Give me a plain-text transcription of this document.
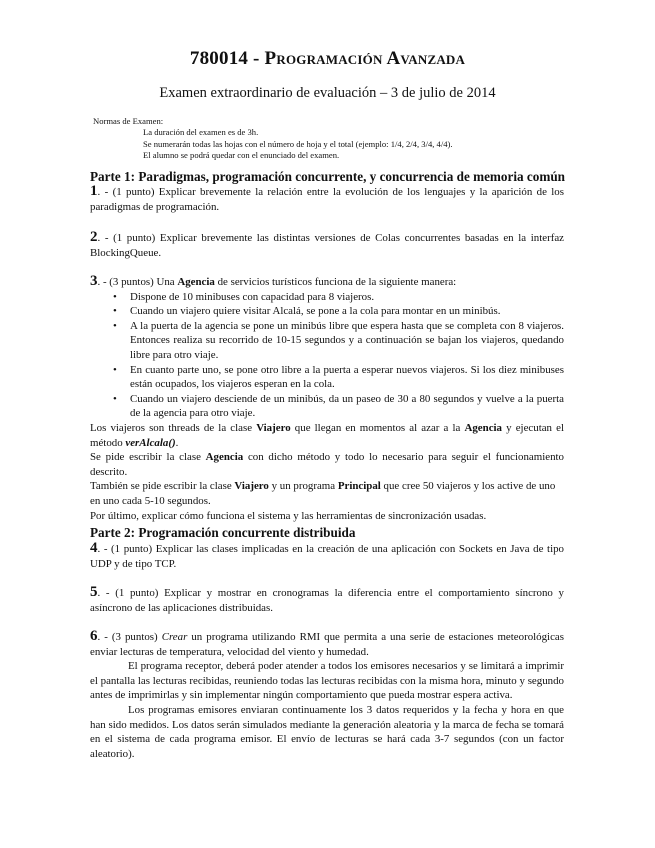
780014 - Programación Avanzada
Examen extraordinario de evaluación – 3 de julio de 2014
Normas de Examen:
La duración del examen es de 3h.
Se numerarán todas las hojas con el número de hoja y el total (ejemplo: 1/4, 2/4, 3/4, 4/4).
El alumno se podrá quedar con el enunciado del examen.
Parte 1: Paradigmas, programación concurrente, y concurrencia de memoria común
1. - (1 punto) Explicar brevemente la relación entre la evolución de los lenguajes y la aparición de los paradigmas de programación.
2. - (1 punto) Explicar brevemente las distintas versiones de Colas concurrentes basadas en la interfaz BlockingQueue.
3. - (3 puntos) Una Agencia de servicios turísticos funciona de la siguiente manera:
• Dispone de 10 minibuses con capacidad para 8 viajeros.
• Cuando un viajero quiere visitar Alcalá, se pone a la cola para montar en un minibús.
• A la puerta de la agencia se pone un minibús libre que espera hasta que se completa con 8 viajeros. Entonces realiza su recorrido de 10-15 segundos y a continuación se bajan los viajeros, quedando libre para otro viaje.
• En cuanto parte uno, se pone otro libre a la puerta a esperar nuevos viajeros. Si los diez minibuses están ocupados, los viajeros esperan en la cola.
• Cuando un viajero desciende de un minibús, da un paseo de 30 a 80 segundos y vuelve a la puerta de la agencia para otro viaje.
Los viajeros son threads de la clase Viajero que llegan en momentos al azar a la Agencia y ejecutan el método verAlcala().
Se pide escribir la clase Agencia con dicho método y todo lo necesario para seguir el funcionamiento descrito.
También se pide escribir la clase Viajero y un programa Principal que cree 50 viajeros y los active de uno en uno cada 5-10 segundos.
Por último, explicar cómo funciona el sistema y las herramientas de sincronización usadas.
Parte 2: Programación concurrente distribuida
4. - (1 punto) Explicar las clases implicadas en la creación de una aplicación con Sockets en Java de tipo UDP y de tipo TCP.
5. - (1 punto) Explicar y mostrar en cronogramas la diferencia entre el comportamiento síncrono y asíncrono de las aplicaciones distribuidas.
6. - (3 puntos) Crear un programa utilizando RMI que permita a una serie de estaciones meteorológicas enviar lecturas de temperatura, velocidad del viento y humedad.
El programa receptor, deberá poder atender a todos los emisores necesarios y se limitará a imprimir el pantalla las lecturas recibidas, reuniendo todas las lecturas recibidas con la misma hora, minuto y segundo antes de imprimirlas y sin implementar ningún comportamiento que pueda mostrar espera activa.
Los programas emisores enviaran continuamente los 3 datos requeridos y la fecha y hora en que han sido medidos. Los datos serán simulados mediante la generación aleatoria y la marca de fecha se tomará en el sistema de cada programa emisor. El envío de lecturas se hará cada 3-7 segundos (con un factor aleatorio).
